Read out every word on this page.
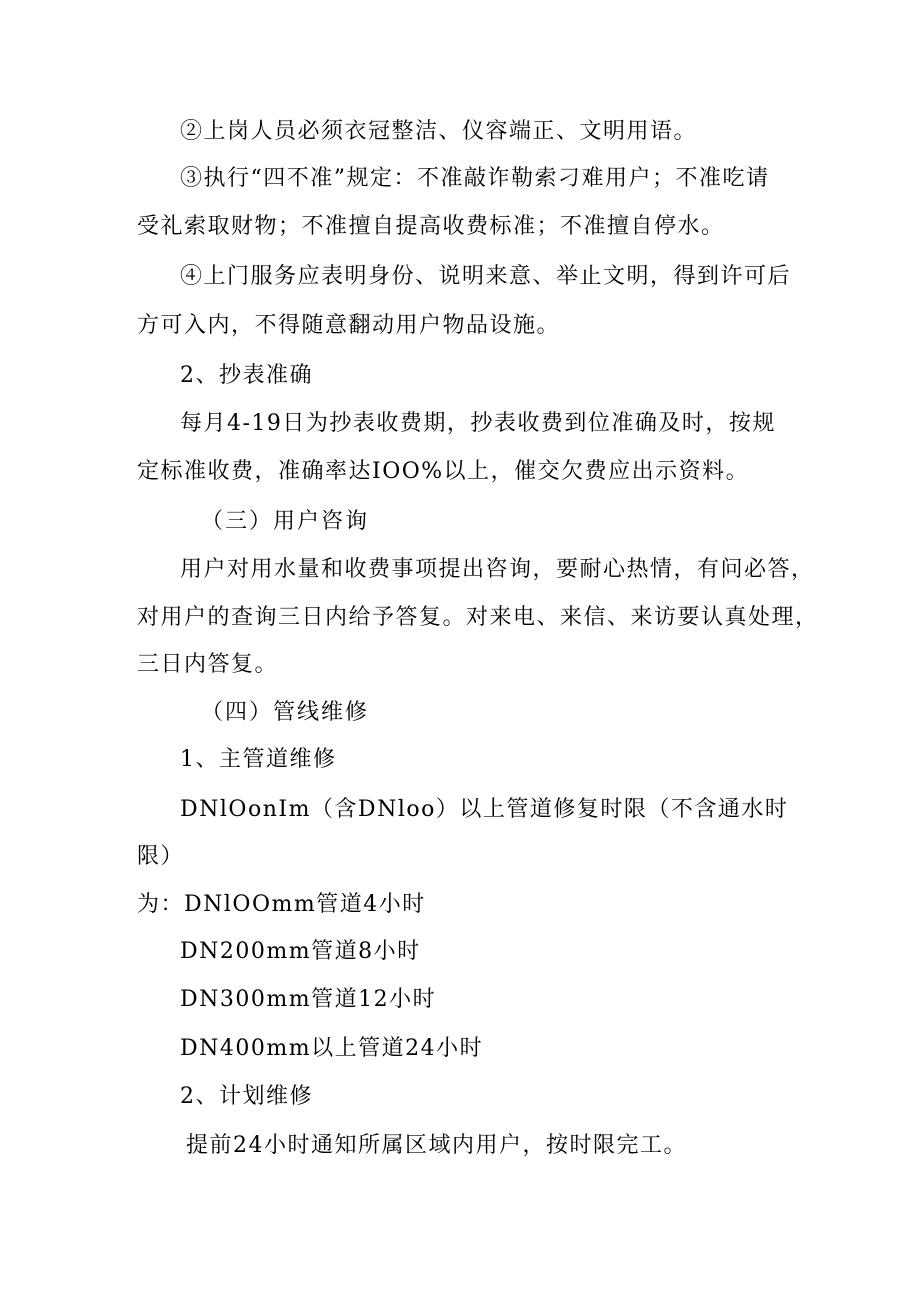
②上岗人员必须衣冠整洁、仪容端正、文明用语。
③执行“四不准”规定：不准敲诈勒索刁难用户；不准吃请
受礼索取财物；不准擅自提高收费标准；不准擅自停水。
④上门服务应表明身份、说明来意、举止文明，得到许可后
方可入内，不得随意翻动用户物品设施。
2、抄表准确
每月4-19日为抄表收费期，抄表收费到位准确及时，按规
定标准收费，准确率达IOO%以上，催交欠费应出示资料。
（三）用户咨询
用户对用水量和收费事项提出咨询，要耐心热情，有问必答，
对用户的查询三日内给予答复。对来电、来信、来访要认真处理，
三日内答复。
（四）管线维修
1、主管道维修
DNlOonIm（含DNloo）以上管道修复时限（不含通水时
限）
为：DNlOOmm管道4小时
DN200mm管道8小时
DN300mm管道12小时
DN400mm以上管道24小时
2、计划维修
提前24小时通知所属区域内用户，按时限完工。
